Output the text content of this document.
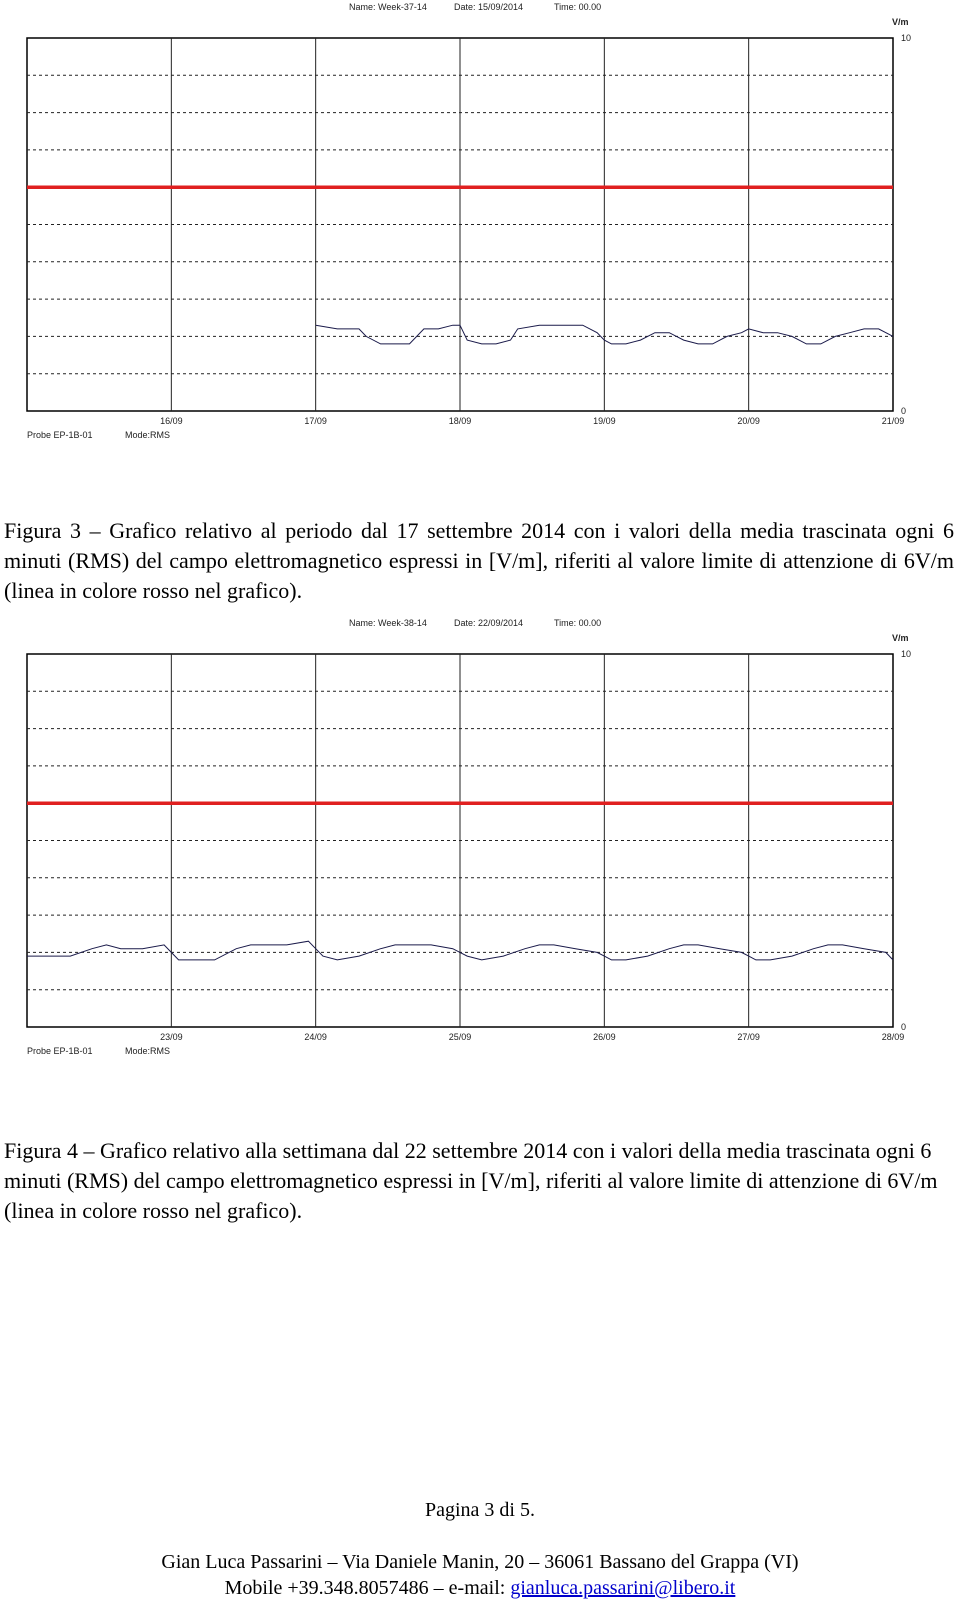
Name: Week-37-14	Date: 15/09/2014	Time: 00.00
V/m
10
0
16/09	17/09	18/09	19/09	20/09	21/09
Probe EP-1B-01	Mode:RMS

Figura 3 – Grafico relativo al periodo dal 17 settembre 2014 con i valori della media trascinata ogni 6 minuti (RMS) del campo elettromagnetico espressi in [V/m], riferiti al valore limite di attenzione di 6V/m (linea in colore rosso nel grafico).

Name: Week-38-14	Date: 22/09/2014	Time: 00.00
V/m
10
0
23/09	24/09	25/09	26/09	27/09	28/09
Probe EP-1B-01	Mode:RMS

Figura 4 – Grafico relativo alla settimana dal 22 settembre 2014 con i valori della media trascinata ogni 6 minuti (RMS) del campo elettromagnetico espressi in [V/m], riferiti al valore limite di attenzione di 6V/m (linea in colore rosso nel grafico).

Pagina 3 di 5.
Gian Luca Passarini – Via Daniele Manin, 20 – 36061 Bassano del Grappa (VI)
Mobile +39.348.8057486 – e-mail: gianluca.passarini@libero.it
